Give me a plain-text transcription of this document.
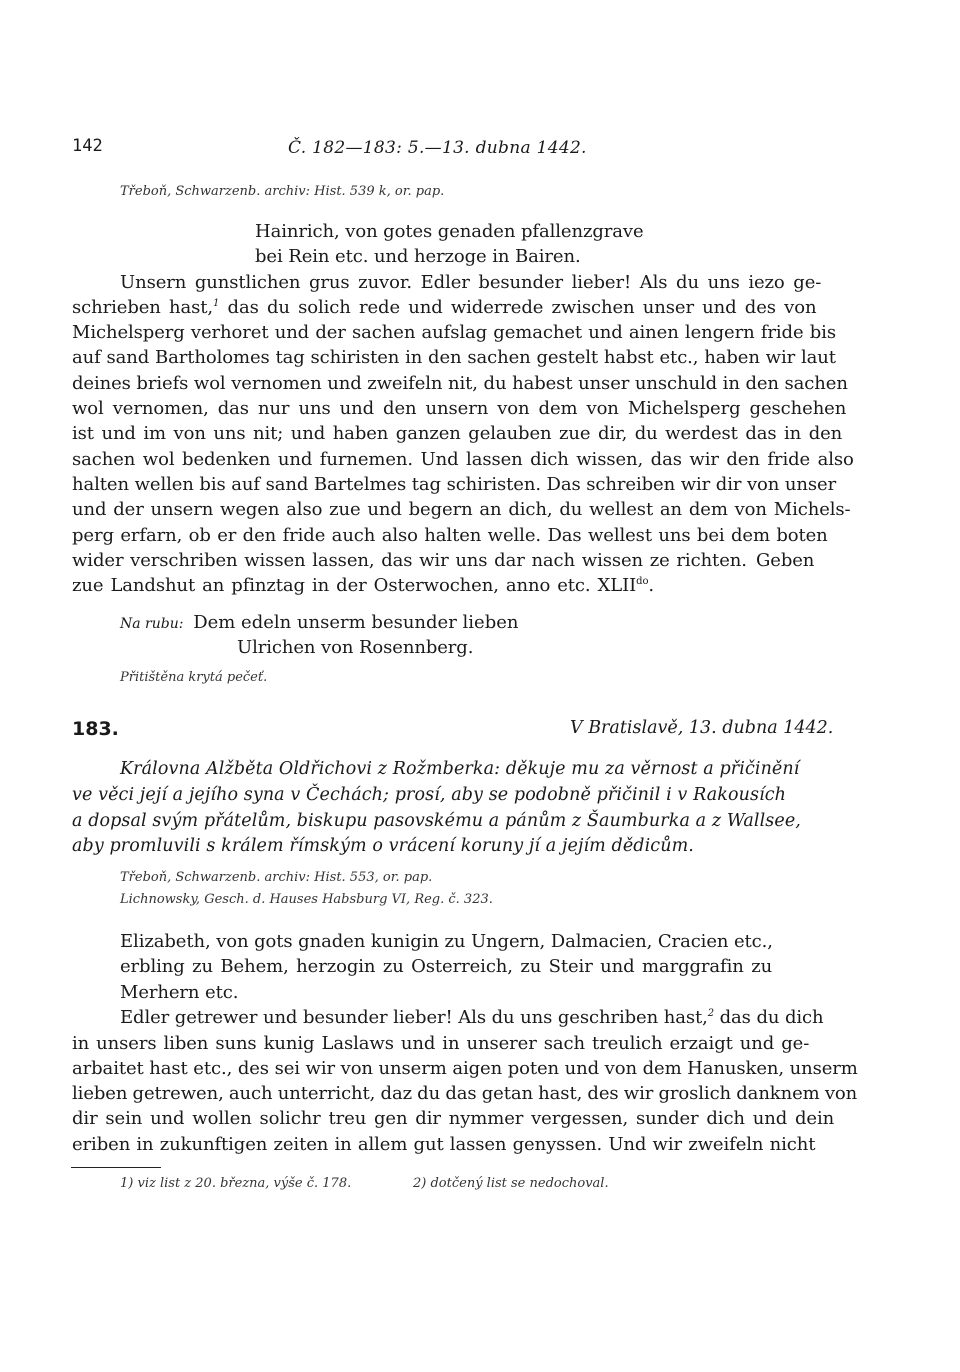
142	Č. 182—183: 5.—13. dubna 1442.
Třeboň, Schwarzenb. archiv: Hist. 539 k, or. pap.
Hainrich, von gotes genaden pfallenzgrave
bei Rein etc. und herzoge in Bairen.
Unsern gunstlichen grus zuvor. Edler besunder lieber! Als du uns iezo ge-
schrieben hast,$^1$ das du solich rede und widerrede zwischen unser und des von
Michelsperg verhoret und der sachen aufslag gemachet und ainen lengern fride bis
auf sand Bartholomes tag schiristen in den sachen gestelt habst etc., haben wir laut
deines briefs wol vernomen und zweifeln nit, du habest unser unschuld in den sachen
wol vernomen, das nur uns und den unsern von dem von Michelsperg geschehen
ist und im von uns nit; und haben ganzen gelauben zue dir, du werdest das in den
sachen wol bedenken und furnemen. Und lassen dich wissen, das wir den fride also
halten wellen bis auf sand Bartelmes tag schiristen. Das schreiben wir dir von unser
und der unsern wegen also zue und begern an dich, du wellest an dem von Michels-
perg erfarn, ob er den fride auch also halten welle. Das wellest uns bei dem boten
wider verschriben wissen lassen, das wir uns dar nach wissen ze richten. Geben
zue Landshut an pfinztag in der Osterwochen, anno etc. $XLII^{do}$.
Na rubu: Dem edeln unserm besunder lieben
Ulrichen von Rosennberg.
Přitištěna krytá pečeť.
183.	V Bratislavě, 13. dubna 1442.
Královna Alžběta Oldřichovi z Rožmberka: děkuje mu za věrnost a přičinění
ve věci její a jejího syna v Čechách; prosí, aby se podobně přičinil i v Rakousích
a dopsal svým přátelům, biskupu pasovskému a pánům z Šaumburka a z Wallsee,
aby promluvili s králem římským o vrácení koruny jí a jejím dědicům.
Třeboň, Schwarzenb. archiv: Hist. 553, or. pap.
Lichnowsky, Gesch. d. Hauses Habsburg VI, Reg. č. 323.
Elizabeth, von gots gnaden kunigin zu Ungern, Dalmacien, Cracien etc.,
erbling zu Behem, herzogin zu Osterreich, zu Steir und marggrafin zu
Merhern etc.
Edler getrewer und besunder lieber! Als du uns geschriben hast,$^2$ das du dich
in unsers liben suns kunig Laslaws und in unserer sach treulich erzaigt und ge-
arbaitet hast etc., des sei wir von unserm aigen poten und von dem Hanusken, unserm
lieben getrewen, auch unterricht, daz du das getan hast, des wir groslich danknem von
dir sein und wollen solichr treu gen dir nymmer vergessen, sunder dich und dein
eriben in zukunftigen zeiten in allem gut lassen genyssen. Und wir zweifeln nicht
1) viz list z 20. března, výše č. 178.	2) dotčený list se nedochoval.
